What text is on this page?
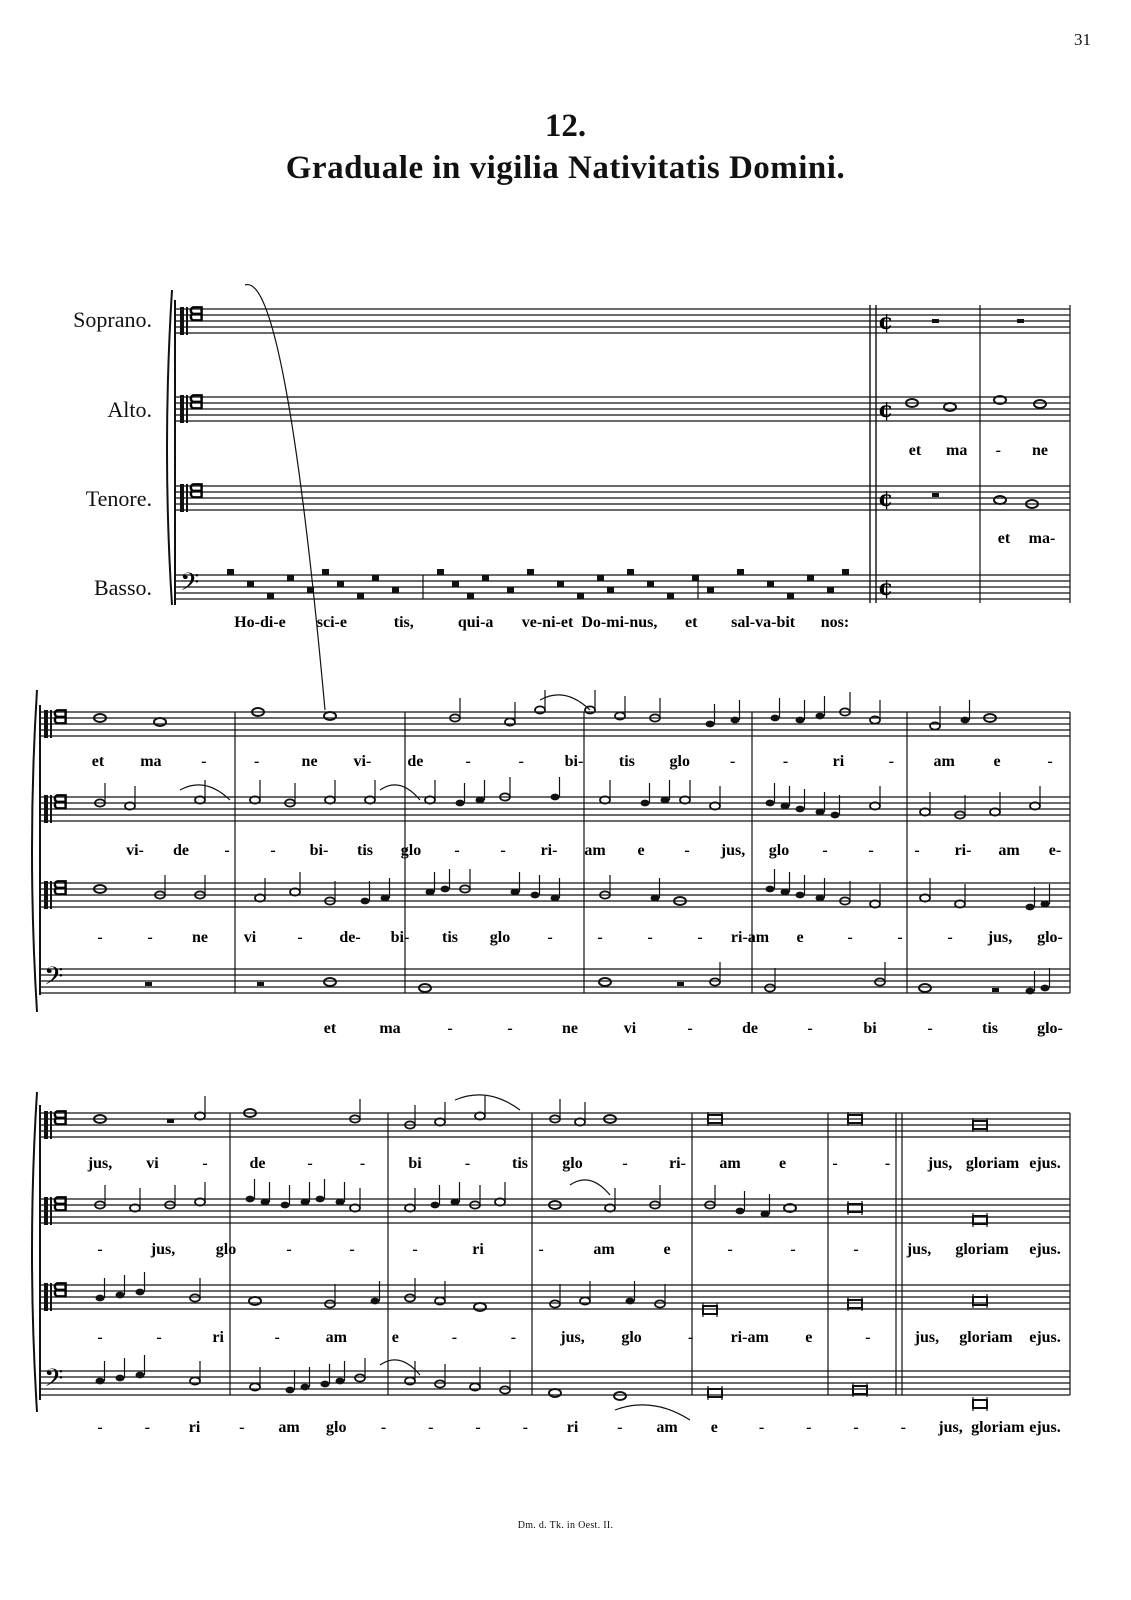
31
12.
Graduale in vigilia Nativitatis Domini.
Soprano.
Alto.
Tenore.
Basso.
ᗺ	¢
ᗺ	¢
ᗺ	¢
𝄢	¢
et ma - ne
et ma-
Ho-di-e sci-e	tis,	qui-a ve-ni-et Do-mi-nus, et sal-va-bit nos:
ᗺ
ᗺ
ᗺ
𝄢
et ma -	-	ne vi- de	-	-	bi- tis glo -	-	ri	- am e	-
vi- de -	- bi- tis glo -	- ri- am e - jus, glo -	-	- ri- am e-
-	- ne vi	- de- bi- tis glo -	-	-	- ri-am e	-	-	- jus, glo-
et	ma	-	-	ne	vi	-	de	-	bi	-	tis glo-
ᗺ
ᗺ
ᗺ
𝄢
jus, vi	-	de	-	-	bi	-	tis glo -	ri- am e	-	- jus, gloriam ejus.
-	jus,	glo	-	-	-	ri	-	am	e	-	-	-	jus, gloriam ejus.
-	-	ri	-	am	e	-	-	jus, glo	- ri-am e	-	jus, gloriam ejus.
-	- ri - am glo -	-	-	- ri - am e	-	-	-	- jus, gloriam ejus.
Dm. d. Tk. in Oest. II.
